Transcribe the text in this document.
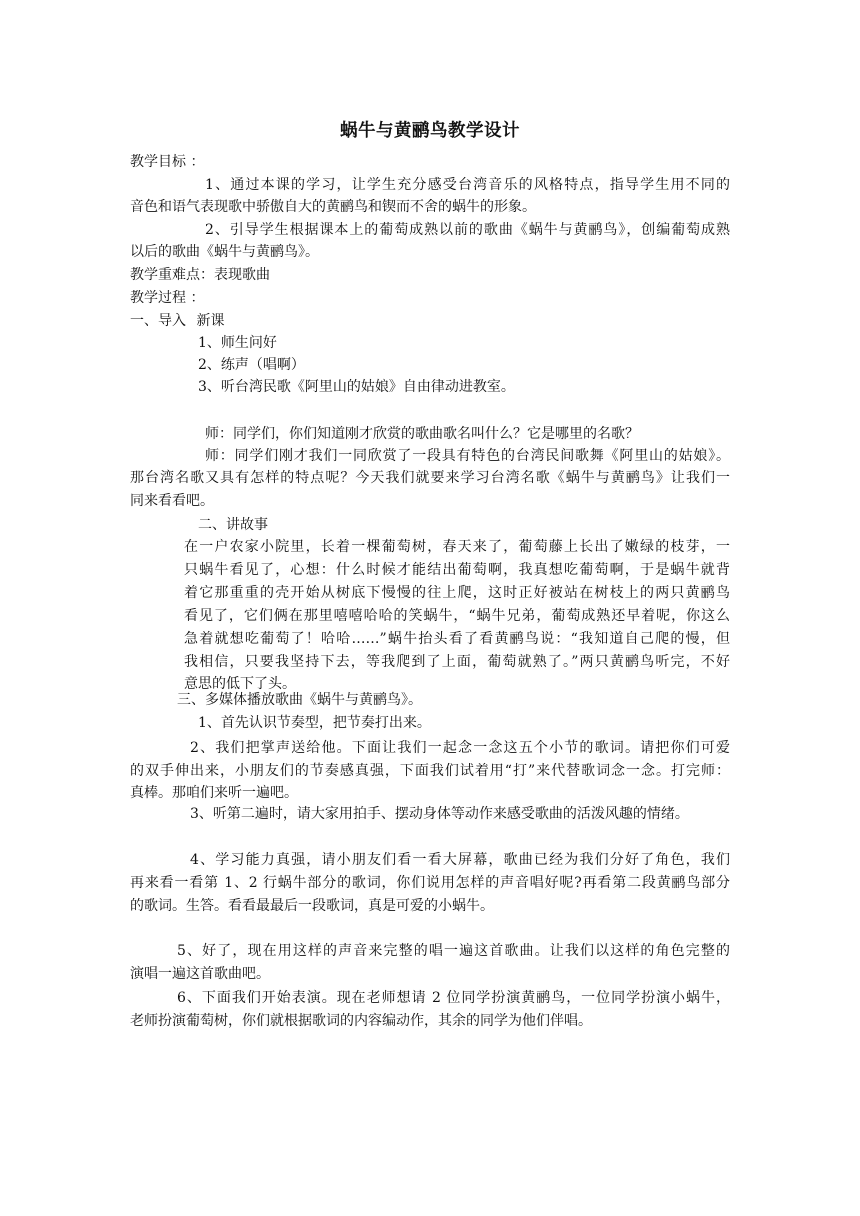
蜗牛与黄鹂鸟教学设计
教学目标 ：
1、通过本课的学习，让学生充分感受台湾音乐的风格特点，指导学生用不同的
音色和语气表现歌中骄傲自大的黄鹂鸟和锲而不舍的蜗牛的形象。
2、引导学生根据课本上的葡萄成熟以前的歌曲《蜗牛与黄鹂鸟》，创编葡萄成熟
以后的歌曲《蜗牛与黄鹂鸟》。
教学重难点：表现歌曲
教学过程 ：
一、导入 新课
1、师生问好
2、练声（唱啊）
3、听台湾民歌《阿里山的姑娘》自由律动进教室。
师：同学们，你们知道刚才欣赏的歌曲歌名叫什么？它是哪里的名歌？
师：同学们刚才我们一同欣赏了一段具有特色的台湾民间歌舞《阿里山的姑娘》。
那台湾名歌又具有怎样的特点呢？今天我们就要来学习台湾名歌《蜗牛与黄鹂鸟》让我们一
同来看看吧。
二、讲故事
在一户农家小院里，长着一棵葡萄树，春天来了，葡萄藤上长出了嫩绿的枝芽，一
只蜗牛看见了，心想：什么时候才能结出葡萄啊，我真想吃葡萄啊，于是蜗牛就背
着它那重重的壳开始从树底下慢慢的往上爬，这时正好被站在树枝上的两只黄鹂鸟
看见了，它们俩在那里嘻嘻哈哈的笑蜗牛，“蜗牛兄弟，葡萄成熟还早着呢，你这么
急着就想吃葡萄了！哈哈……”蜗牛抬头看了看黄鹂鸟说：“我知道自己爬的慢，但
我相信，只要我坚持下去，等我爬到了上面，葡萄就熟了。”两只黄鹂鸟听完，不好
意思的低下了头。
三、多媒体播放歌曲《蜗牛与黄鹂鸟》。
1、首先认识节奏型，把节奏打出来。
2、我们把掌声送给他。下面让我们一起念一念这五个小节的歌词。请把你们可爱
的双手伸出来，小朋友们的节奏感真强，下面我们试着用“打”来代替歌词念一念。打完师：
真棒。那咱们来听一遍吧。
3、听第二遍时，请大家用拍手、摆动身体等动作来感受歌曲的活泼风趣的情绪。
4、学习能力真强，请小朋友们看一看大屏幕，歌曲已经为我们分好了角色，我们
再来看一看第 1、2 行蜗牛部分的歌词，你们说用怎样的声音唱好呢?再看第二段黄鹂鸟部分
的歌词。生答。看看最最后一段歌词，真是可爱的小蜗牛。
5、好了，现在用这样的声音来完整的唱一遍这首歌曲。让我们以这样的角色完整的
演唱一遍这首歌曲吧。
6、下面我们开始表演。现在老师想请 2 位同学扮演黄鹂鸟，一位同学扮演小蜗牛，
老师扮演葡萄树，你们就根据歌词的内容编动作，其余的同学为他们伴唱。
